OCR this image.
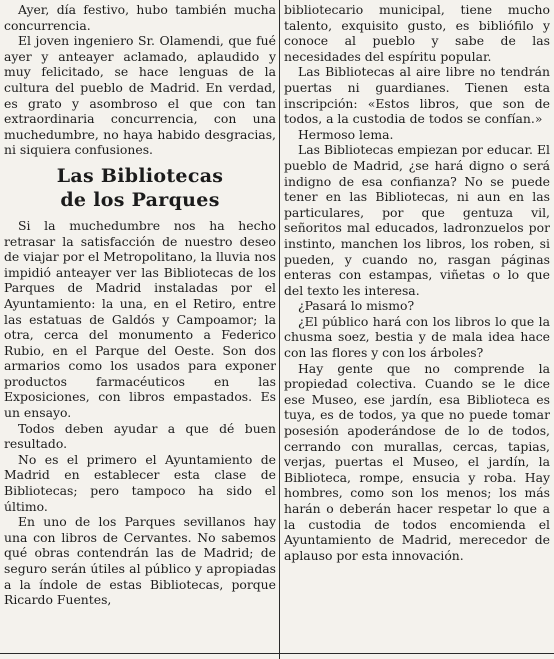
Ayer, día festivo, hubo también mucha concurrencia.

El joven ingeniero Sr. Olamendi, que fué ayer y anteayer aclamado, aplaudido y muy felicitado, se hace lenguas de la cultura del pueblo de Madrid. En verdad, es grato y asombroso el que con tan extraordinaria concurrencia, con una muchedumbre, no haya habido desgracias, ni siquiera confusiones.

Las Bibliotecas
de los Parques

Si la muchedumbre nos ha hecho retrasar la satisfacción de nuestro deseo de viajar por el Metropolitano, la lluvia nos impidió anteayer ver las Bibliotecas de los Parques de Madrid instaladas por el Ayuntamiento: la una, en el Retiro, entre las estatuas de Galdós y Campoamor; la otra, cerca del monumento a Federico Rubio, en el Parque del Oeste. Son dos armarios como los usados para exponer productos farmacéuticos en las Exposiciones, con libros empastados. Es un ensayo.

Todos deben ayudar a que dé buen resultado.

No es el primero el Ayuntamiento de Madrid en establecer esta clase de Bibliotecas; pero tampoco ha sido el último.

En uno de los Parques sevillanos hay una con libros de Cervantes. No sabemos qué obras contendrán las de Madrid; de seguro serán útiles al público y apropiadas a la índole de estas Bibliotecas, porque Ricardo Fuentes,

bibliotecario municipal, tiene mucho talento, exquisito gusto, es bibliófilo y conoce al pueblo y sabe de las necesidades del espíritu popular.

Las Bibliotecas al aire libre no tendrán puertas ni guardianes. Tienen esta inscripción: «Estos libros, que son de todos, a la custodia de todos se confían.»

Hermoso lema.

Las Bibliotecas empiezan por educar. El pueblo de Madrid, ¿se hará digno o será indigno de esa confianza? No se puede tener en las Bibliotecas, ni aun en las particulares, por que gentuza vil, señoritos mal educados, ladronzuelos por instinto, manchen los libros, los roben, si pueden, y cuando no, rasgan páginas enteras con estampas, viñetas o lo que del texto les interesa.

¿Pasará lo mismo?

¿El público hará con los libros lo que la chusma soez, bestia y de mala idea hace con las flores y con los árboles?

Hay gente que no comprende la propiedad colectiva. Cuando se le dice ese Museo, ese jardín, esa Biblioteca es tuya, es de todos, ya que no puede tomar posesión apoderándose de lo de todos, cerrando con murallas, cercas, tapias, verjas, puertas el Museo, el jardín, la Biblioteca, rompe, ensucia y roba. Hay hombres, como son los menos; los más harán o deberán hacer respetar lo que a la custodia de todos encomienda el Ayuntamiento de Madrid, merecedor de aplauso por esta innovación.
